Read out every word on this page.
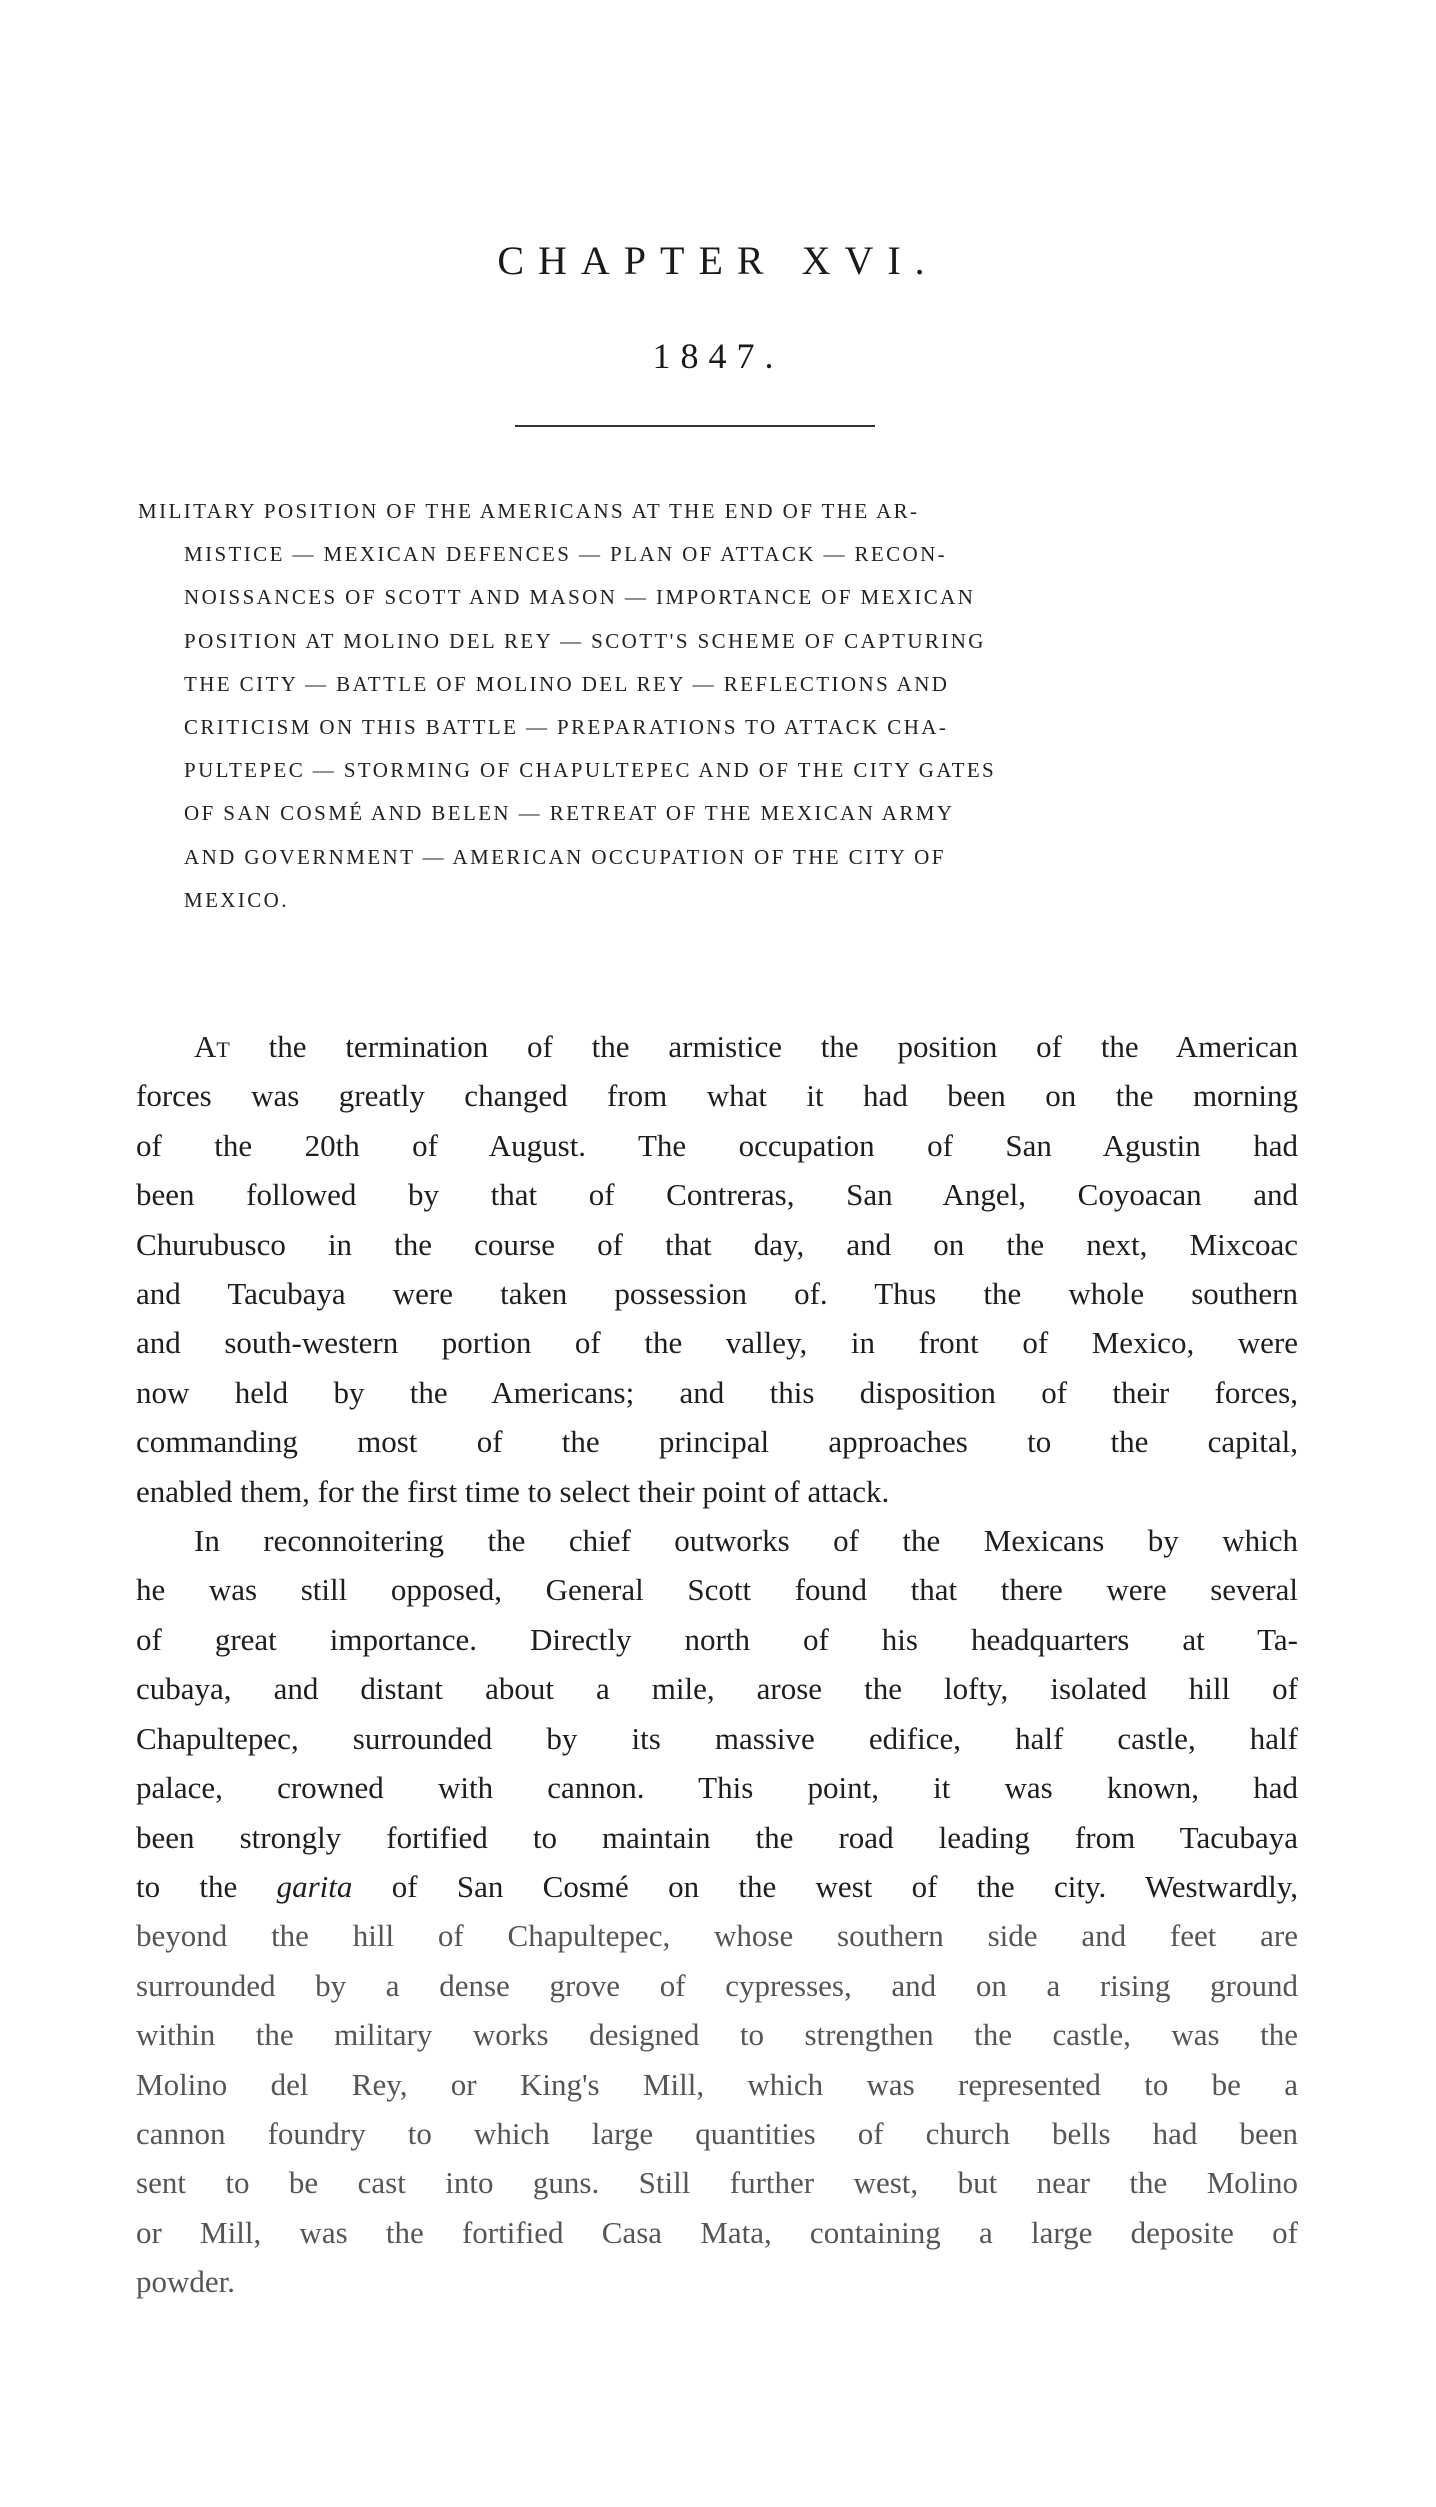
CHAPTER XVI.
1847.
MILITARY POSITION OF THE AMERICANS AT THE END OF THE AR-
MISTICE — MEXICAN DEFENCES — PLAN OF ATTACK — RECON-
NOISSANCES OF SCOTT AND MASON — IMPORTANCE OF MEXICAN
POSITION AT MOLINO DEL REY — SCOTT'S SCHEME OF CAPTURING
THE CITY — BATTLE OF MOLINO DEL REY — REFLECTIONS AND
CRITICISM ON THIS BATTLE — PREPARATIONS TO ATTACK CHA-
PULTEPEC — STORMING OF CHAPULTEPEC AND OF THE CITY GATES
OF SAN COSMÉ AND BELEN — RETREAT OF THE MEXICAN ARMY
AND GOVERNMENT — AMERICAN OCCUPATION OF THE CITY OF
MEXICO.
At the termination of the armistice the position of the American
forces was greatly changed from what it had been on the morning
of the 20th of August. The occupation of San Agustin had
been followed by that of Contreras, San Angel, Coyoacan and
Churubusco in the course of that day, and on the next, Mixcoac
and Tacubaya were taken possession of. Thus the whole southern
and south-western portion of the valley, in front of Mexico, were
now held by the Americans; and this disposition of their forces,
commanding most of the principal approaches to the capital,
enabled them, for the first time to select their point of attack.
In reconnoitering the chief outworks of the Mexicans by which
he was still opposed, General Scott found that there were several
of great importance. Directly north of his headquarters at Ta-
cubaya, and distant about a mile, arose the lofty, isolated hill of
Chapultepec, surrounded by its massive edifice, half castle, half
palace, crowned with cannon. This point, it was known, had
been strongly fortified to maintain the road leading from Tacubaya
to the garita of San Cosmé on the west of the city. Westwardly,
beyond the hill of Chapultepec, whose southern side and feet are
surrounded by a dense grove of cypresses, and on a rising ground
within the military works designed to strengthen the castle, was the
Molino del Rey, or King's Mill, which was represented to be a
cannon foundry to which large quantities of church bells had been
sent to be cast into guns. Still further west, but near the Molino
or Mill, was the fortified Casa Mata, containing a large deposite of
powder.
